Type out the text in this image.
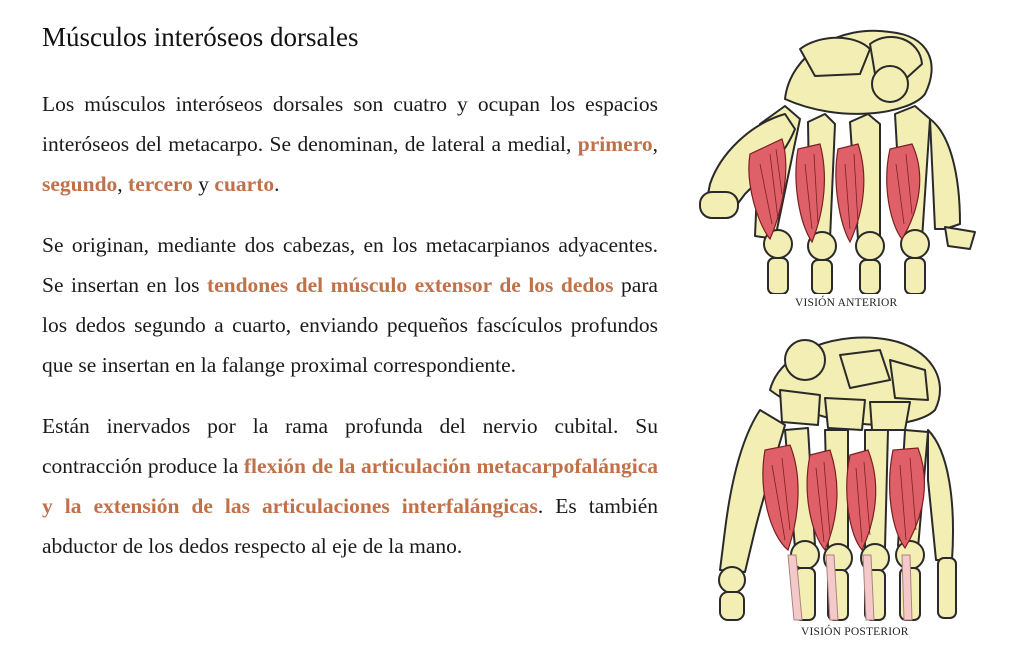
Músculos interóseos dorsales

Los músculos interóseos dorsales son cuatro y ocupan los espacios interóseos del metacarpo. Se denominan, de lateral a medial, primero, segundo, tercero y cuarto.

Se originan, mediante dos cabezas, en los metacarpianos adyacentes. Se insertan en los tendones del músculo extensor de los dedos para los dedos segundo a cuarto, enviando pequeños fascículos profundos que se insertan en la falange proximal correspondiente.

Están inervados por la rama profunda del nervio cubital. Su contracción produce la flexión de la articulación metacarpofalángica y la extensión de las articulaciones interfalángicas. Es también abductor de los dedos respecto al eje de la mano.

VISIÓN ANTERIOR
VISIÓN POSTERIOR
